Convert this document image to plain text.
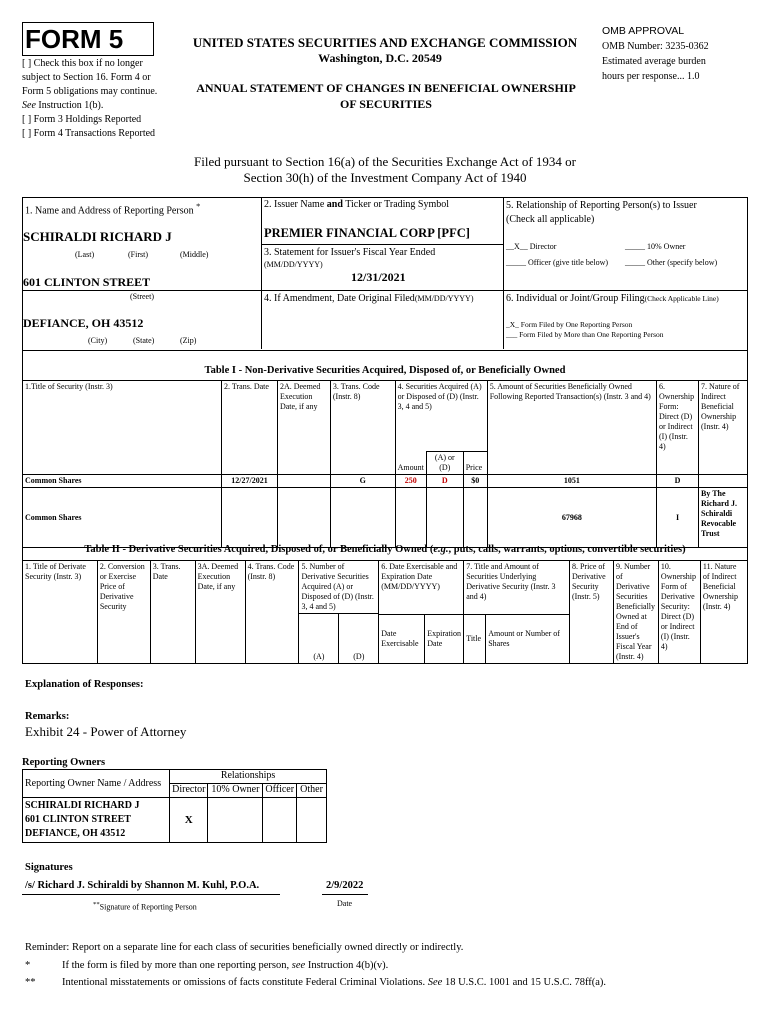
FORM 5
[ ] Check this box if no longer subject to Section 16. Form 4 or Form 5 obligations may continue. See Instruction 1(b).
[ ] Form 3 Holdings Reported
[ ] Form 4 Transactions Reported
UNITED STATES SECURITIES AND EXCHANGE COMMISSION
Washington, D.C. 20549
ANNUAL STATEMENT OF CHANGES IN BENEFICIAL OWNERSHIP
OF SECURITIES
OMB APPROVAL
OMB Number: 3235-0362
Estimated average burden
hours per response... 1.0
Filed pursuant to Section 16(a) of the Securities Exchange Act of 1934 or
Section 30(h) of the Investment Company Act of 1940
1. Name and Address of Reporting Person *
SCHIRALDI RICHARD J
(Last)	(First)	(Middle)
601 CLINTON STREET
(Street)
DEFIANCE, OH 43512
(City)	(State)	(Zip)
2. Issuer Name and Ticker or Trading Symbol
PREMIER FINANCIAL CORP [PFC]
3. Statement for Issuer's Fiscal Year Ended
(MM/DD/YYYY)
12/31/2021
4. If Amendment, Date Original Filed(MM/DD/YYYY)
5. Relationship of Reporting Person(s) to Issuer
(Check all applicable)
__X__ Director	_____ 10% Owner
_____ Officer (give title below) _____ Other (specify below)
6. Individual or Joint/Group Filing(Check Applicable Line)
_X_ Form Filed by One Reporting Person
___ Form Filed by More than One Reporting Person
Table I - Non-Derivative Securities Acquired, Disposed of, or Beneficially Owned
1.Title of Security (Instr. 3)	2. Trans. Date	2A. Deemed Execution Date, if any	3. Trans. Code (Instr. 8)	4. Securities Acquired (A) or Disposed of (D) (Instr. 3, 4 and 5)			5. Amount of Securities Beneficially Owned Following Reported Transaction(s) (Instr. 3 and 4)	6. Ownership Form: Direct (D) or Indirect (I) (Instr. 4)	7. Nature of Indirect Beneficial Ownership (Instr. 4)
				Amount	(A) or (D)	Price			
Common Shares	12/27/2021		G	250	D	$0	1051	D	
Common Shares							67968	I	By The Richard J. Schiraldi Revocable Trust
Table II - Derivative Securities Acquired, Disposed of, or Beneficially Owned (e.g., puts, calls, warrants, options, convertible securities)
1. Title of Derivate Security (Instr. 3)	2. Conversion or Exercise Price of Derivative Security	3. Trans. Date	3A. Deemed Execution Date, if any	4. Trans. Code (Instr. 8)	5. Number of Derivative Securities Acquired (A) or Disposed of (D) (Instr. 3, 4 and 5)		6. Date Exercisable and Expiration Date (MM/DD/YYYY)		7. Title and Amount of Securities Underlying Derivative Security (Instr. 3 and 4)		8. Price of Derivative Security (Instr. 5)	9. Number of Derivative Securities Beneficially Owned at End of Issuer's Fiscal Year (Instr. 4)	10. Ownership Form of Derivative Security: Direct (D) or Indirect (I) (Instr. 4)	11. Nature of Indirect Beneficial Ownership (Instr. 4)
					(A)	(D)								
							Date Exercisable	Expiration Date	Title	Amount or Number of Shares				
Explanation of Responses:
Remarks:
Exhibit 24 - Power of Attorney
Reporting Owners
Reporting Owner Name / Address	Relationships			
	Director	10% Owner	Officer	Other
SCHIRALDI RICHARD J
601 CLINTON STREET
DEFIANCE, OH 43512	X			
Signatures
/s/ Richard J. Schiraldi by Shannon M. Kuhl, P.O.A.	2/9/2022
**Signature of Reporting Person	Date
Reminder: Report on a separate line for each class of securities beneficially owned directly or indirectly.
*	If the form is filed by more than one reporting person, see Instruction 4(b)(v).
**	Intentional misstatements or omissions of facts constitute Federal Criminal Violations. See 18 U.S.C. 1001 and 15 U.S.C. 78ff(a).
